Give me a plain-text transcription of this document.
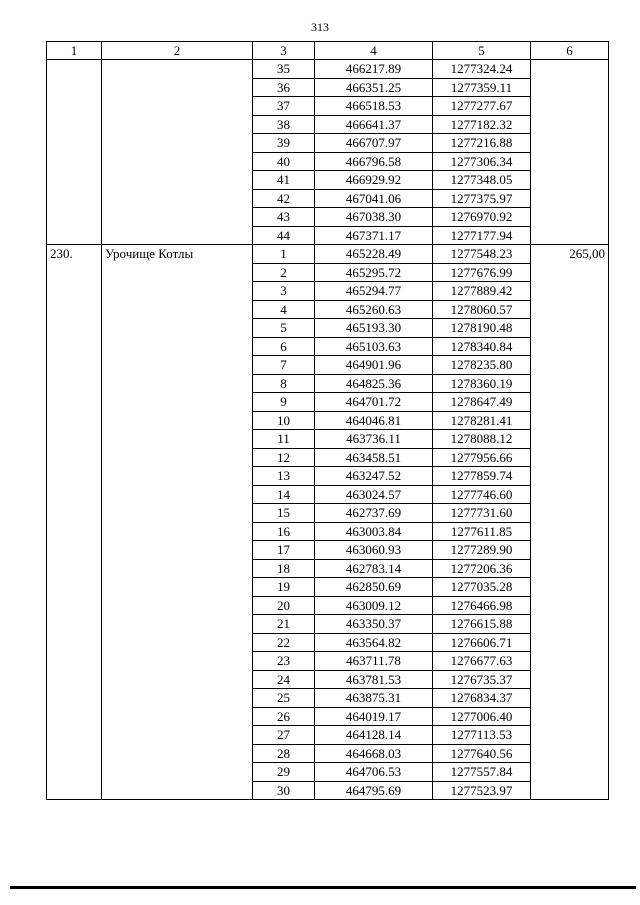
313
1	2	3	4	5	6
		35	466217.89	1277324.24	
		36	466351.25	1277359.11	
		37	466518.53	1277277.67	
		38	466641.37	1277182.32	
		39	466707.97	1277216.88	
		40	466796.58	1277306.34	
		41	466929.92	1277348.05	
		42	467041.06	1277375.97	
		43	467038.30	1276970.92	
		44	467371.17	1277177.94	
230.	Урочище Котлы	1	465228.49	1277548.23	265,00
		2	465295.72	1277676.99	
		3	465294.77	1277889.42	
		4	465260.63	1278060.57	
		5	465193.30	1278190.48	
		6	465103.63	1278340.84	
		7	464901.96	1278235.80	
		8	464825.36	1278360.19	
		9	464701.72	1278647.49	
		10	464046.81	1278281.41	
		11	463736.11	1278088.12	
		12	463458.51	1277956.66	
		13	463247.52	1277859.74	
		14	463024.57	1277746.60	
		15	462737.69	1277731.60	
		16	463003.84	1277611.85	
		17	463060.93	1277289.90	
		18	462783.14	1277206.36	
		19	462850.69	1277035.28	
		20	463009.12	1276466.98	
		21	463350.37	1276615.88	
		22	463564.82	1276606.71	
		23	463711.78	1276677.63	
		24	463781.53	1276735.37	
		25	463875.31	1276834.37	
		26	464019.17	1277006.40	
		27	464128.14	1277113.53	
		28	464668.03	1277640.56	
		29	464706.53	1277557.84	
		30	464795.69	1277523.97	
